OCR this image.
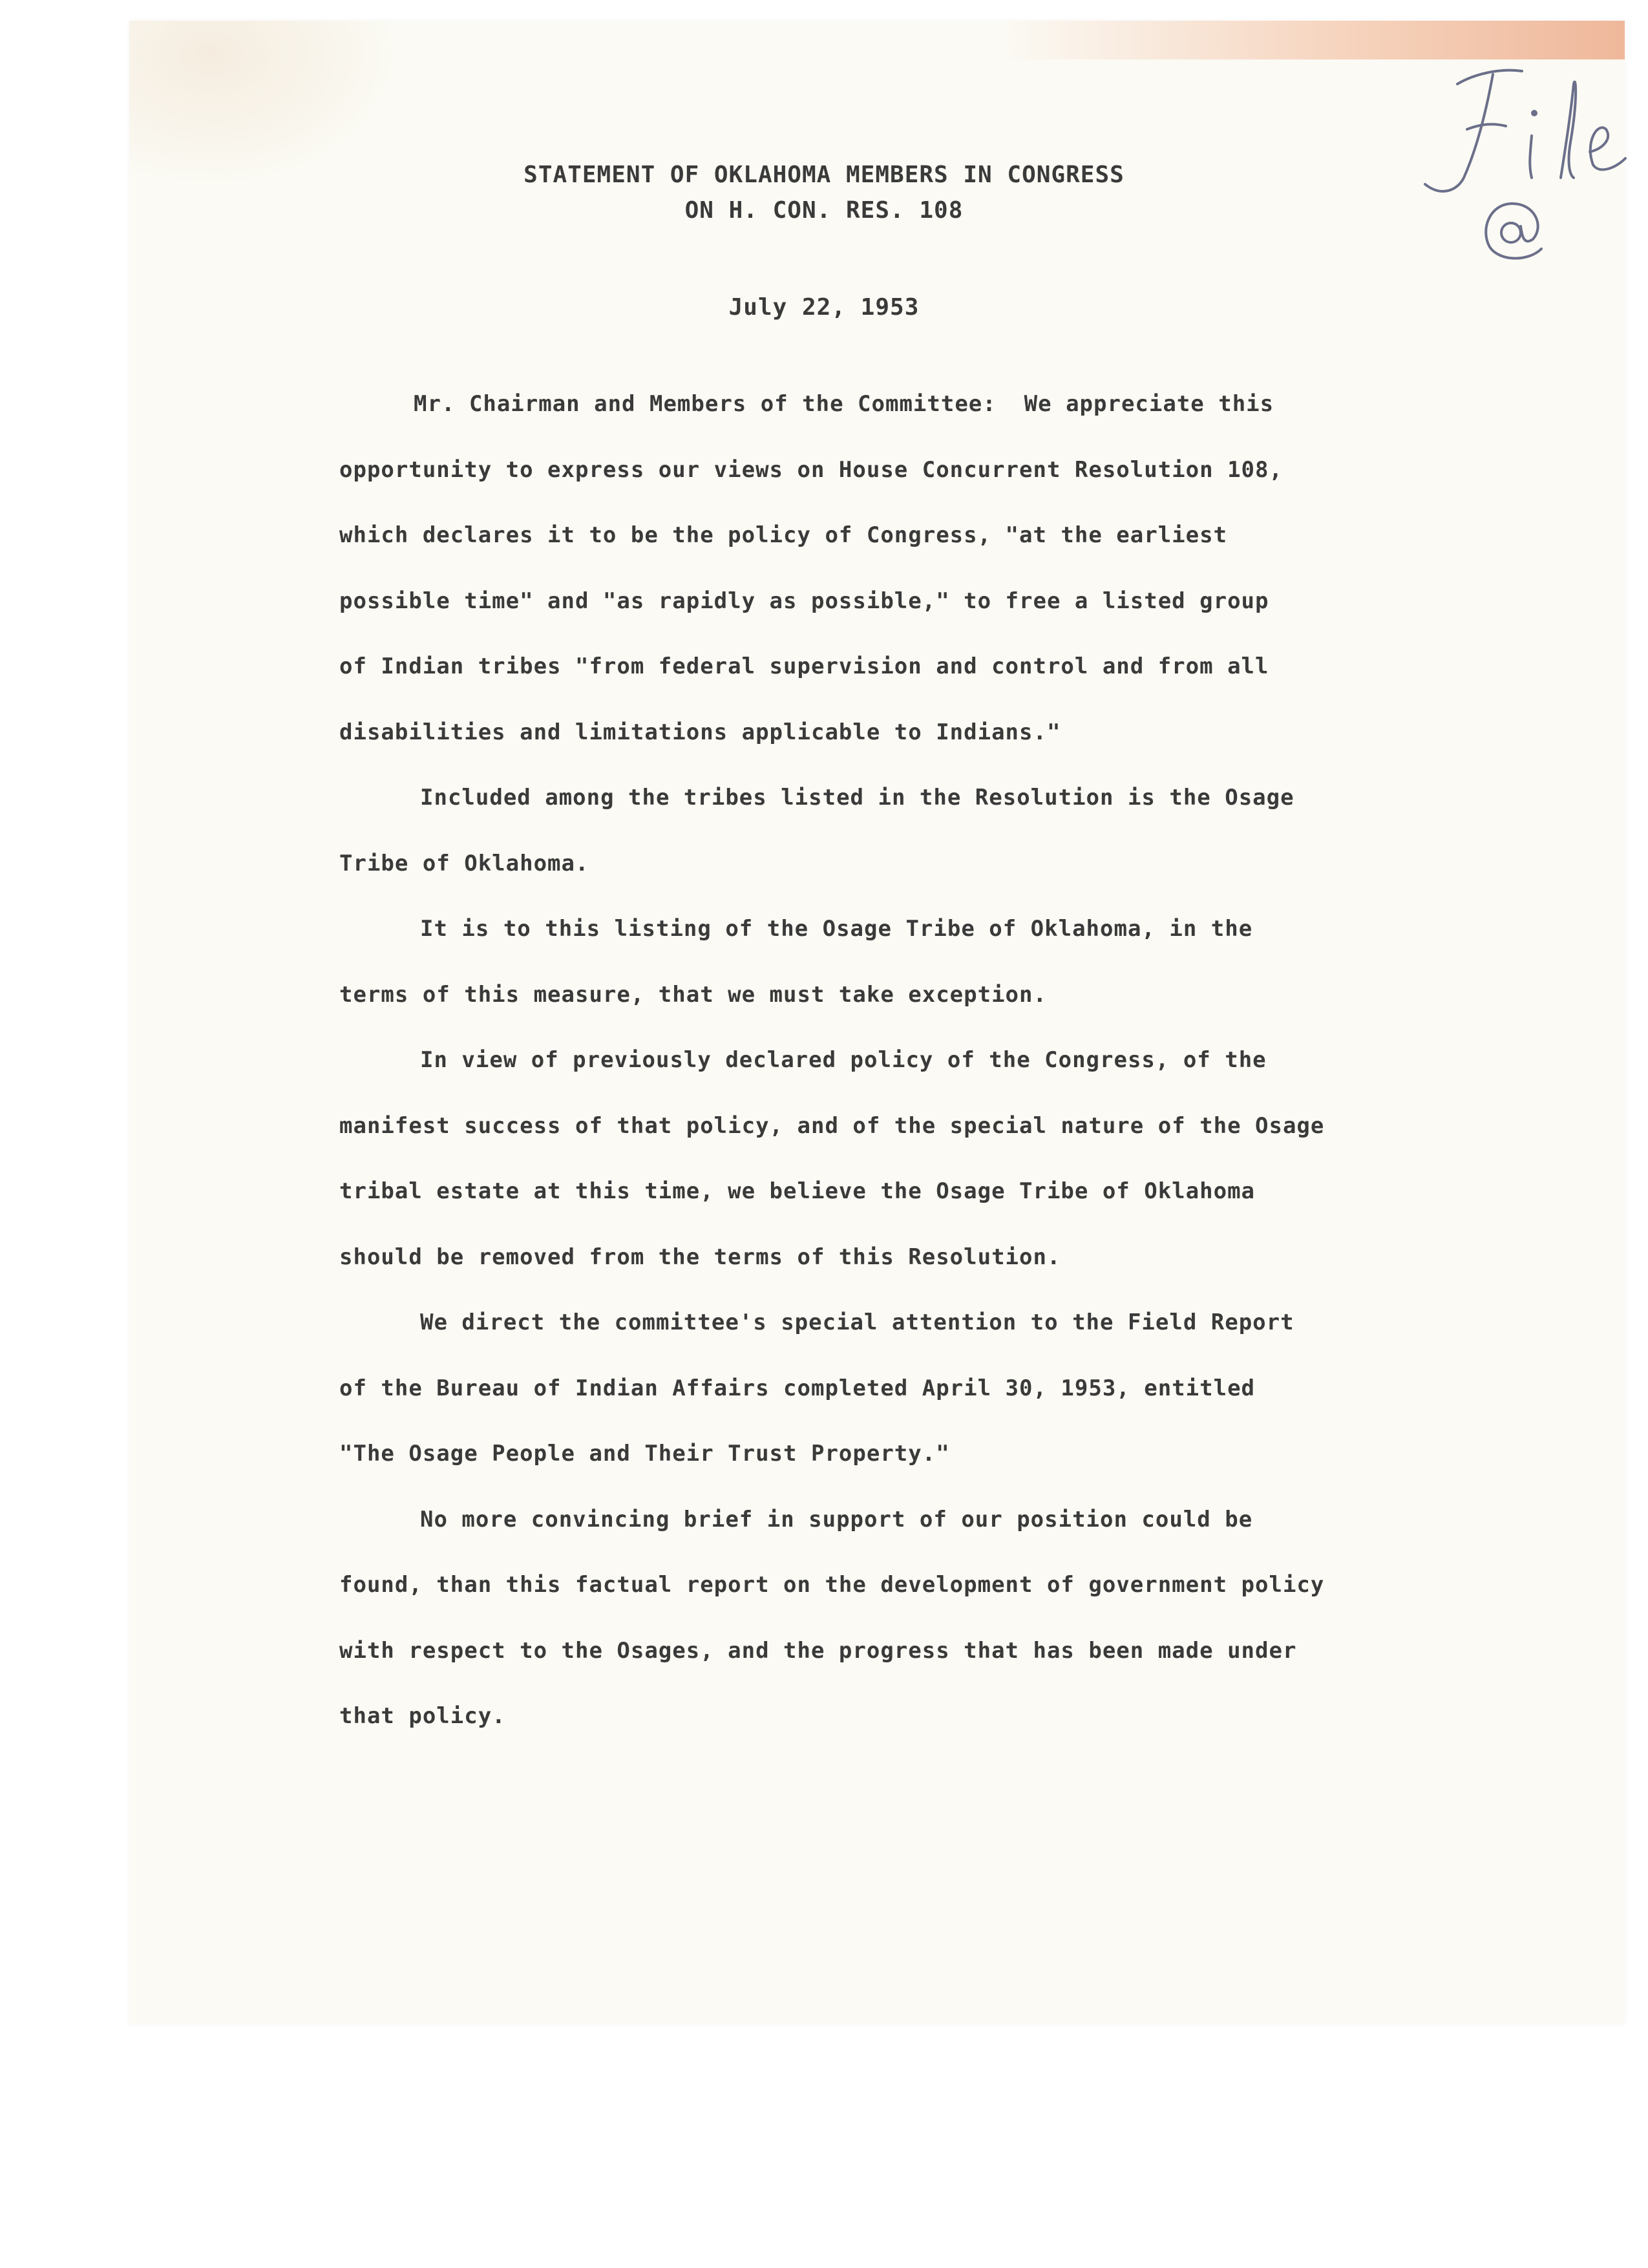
STATEMENT OF OKLAHOMA MEMBERS IN CONGRESS
ON H. CON. RES. 108
July 22, 1953
Mr. Chairman and Members of the Committee:  We appreciate this
opportunity to express our views on House Concurrent Resolution 108,
which declares it to be the policy of Congress, "at the earliest
possible time" and "as rapidly as possible," to free a listed group
of Indian tribes "from federal supervision and control and from all
disabilities and limitations applicable to Indians."
Included among the tribes listed in the Resolution is the Osage
Tribe of Oklahoma.
It is to this listing of the Osage Tribe of Oklahoma, in the
terms of this measure, that we must take exception.
In view of previously declared policy of the Congress, of the
manifest success of that policy, and of the special nature of the Osage
tribal estate at this time, we believe the Osage Tribe of Oklahoma
should be removed from the terms of this Resolution.
We direct the committee's special attention to the Field Report
of the Bureau of Indian Affairs completed April 30, 1953, entitled
"The Osage People and Their Trust Property."
No more convincing brief in support of our position could be
found, than this factual report on the development of government policy
with respect to the Osages, and the progress that has been made under
that policy.
